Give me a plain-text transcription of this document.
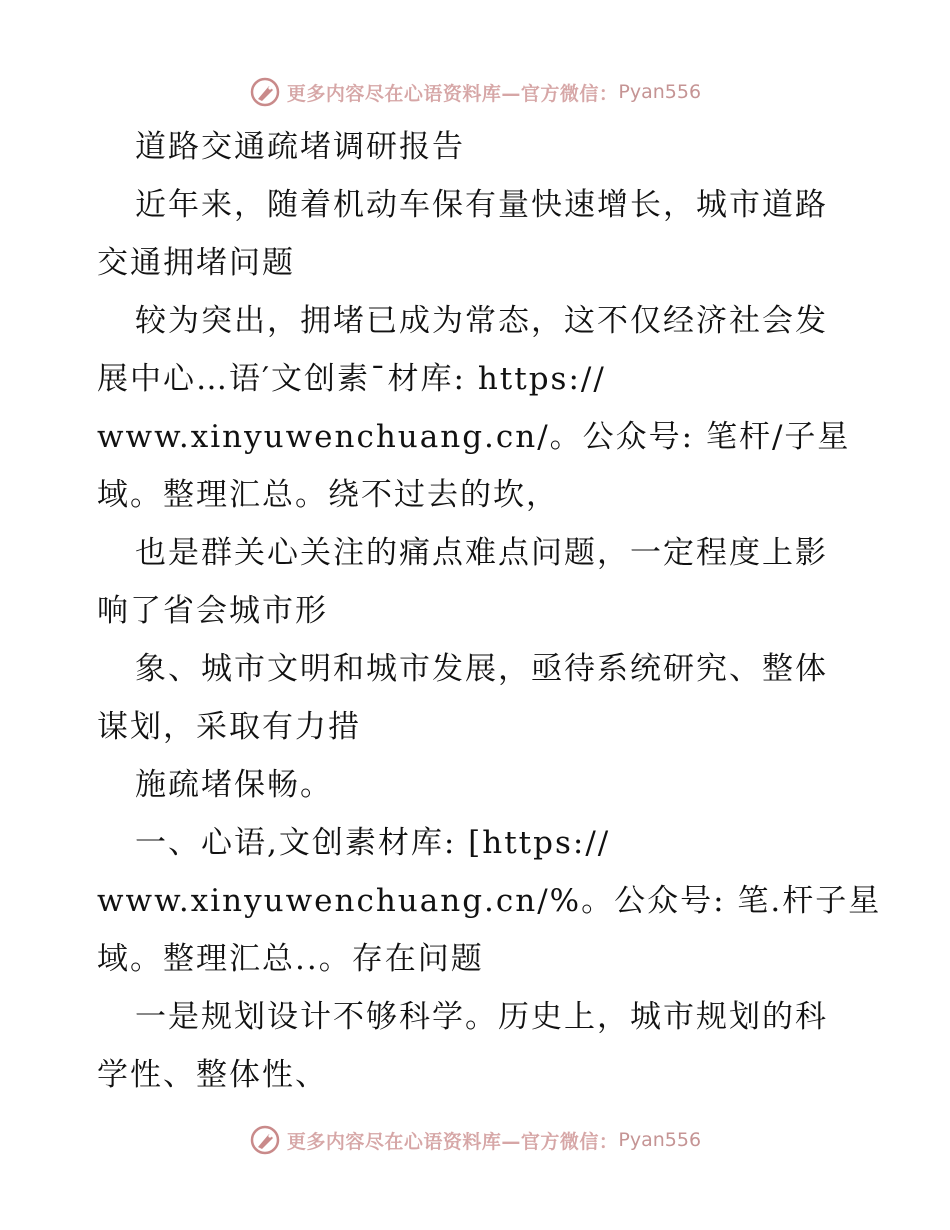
更多内容尽在心语资料库—官方微信： Pyan556
道路交通疏堵调研报告
近年来，随着机动车保有量快速增长，城市道路
交通拥堵问题
较为突出，拥堵已成为常态，这不仅经济社会发
展中心…语′文创素¯材库: https://
www.xinyuwenchuang.cn/。公众号: 笔杆/子星
域。整理汇总。绕不过去的坎，
也是群关心关注的痛点难点问题，一定程度上影
响了省会城市形
象、城市文明和城市发展，亟待系统研究、整体
谋划，采取有力措
施疏堵保畅。
一、心语,文创素材库: [https://
www.xinyuwenchuang.cn/%。公众号: 笔.杆子星
域。整理汇总..。存在问题
一是规划设计不够科学。历史上，城市规划的科
学性、整体性、
更多内容尽在心语资料库—官方微信： Pyan556
